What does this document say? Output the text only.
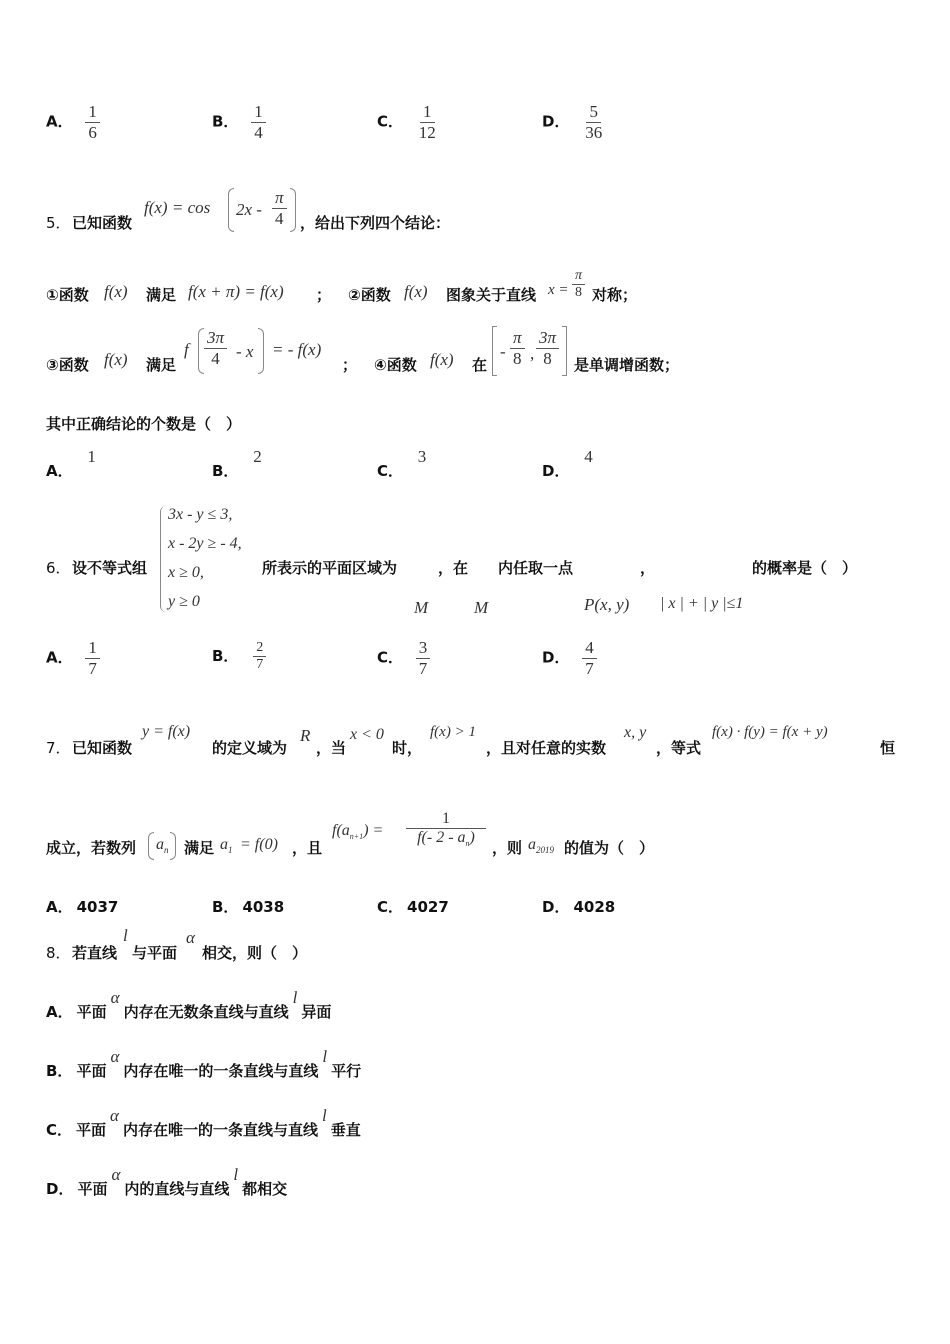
A． $\frac{1}{6}$	B． $\frac{1}{4}$	C． $\frac{1}{12}$	D． $\frac{5}{36}$
5． 已知函数
$f(x) = \cos 2x - \frac{\pi}{4}$ ，给出下列四个结论：
①函数 f(x) 满足 f(x + π) = f(x) ； ②函数 f(x) 图象关于直线 $x = \frac{\pi}{8}$ 对称；
③函数 f(x) 满足
f $\frac{3\pi}{4}$ - x = - f(x)
； ④函数 f(x) 在
- $\frac{\pi}{8}$ , $\frac{3\pi}{8}$ 是单调增函数；
其中正确结论的个数是（　）
A． 1
B． 2
C． 3
D． 4
6． 设不等式组
3x - y ≤ 3,
x - 2y ≥ - 4,
x ≥ 0,
y ≥ 0
所表示的平面区域为	，在 内任取一点	，	的概率是（　）
M	M	P(x, y) | x | + | y |≤1
A． $\frac{1}{7}$	B． $\frac{2}{7}$	C． $\frac{3}{7}$	D． $\frac{4}{7}$
7． 已知函数
y = f(x)
的定义域为
R
，当
x < 0
时，
f(x) > 1
，且对任意的实数
x, y
，等式
f(x) · f(y) = f(x + y)
恒
成立，若数列 $a_n$ 满足 $a_1 = f(0)$ ，且
$f(a_{n+1}) = \frac{1}{f(- 2 - a_n)}$ ，则 $a_{2019}$ 的值为（　）
A． 4037	B． 4038	C． 4027	D． 4028
8． 若直线
l
与平面
α
相交，则（　）
A． 平面α内存在无数条直线与直线l异面
B． 平面α内存在唯一的一条直线与直线l平行
C． 平面α内存在唯一的一条直线与直线l垂直
D． 平面α内的直线与直线l都相交
